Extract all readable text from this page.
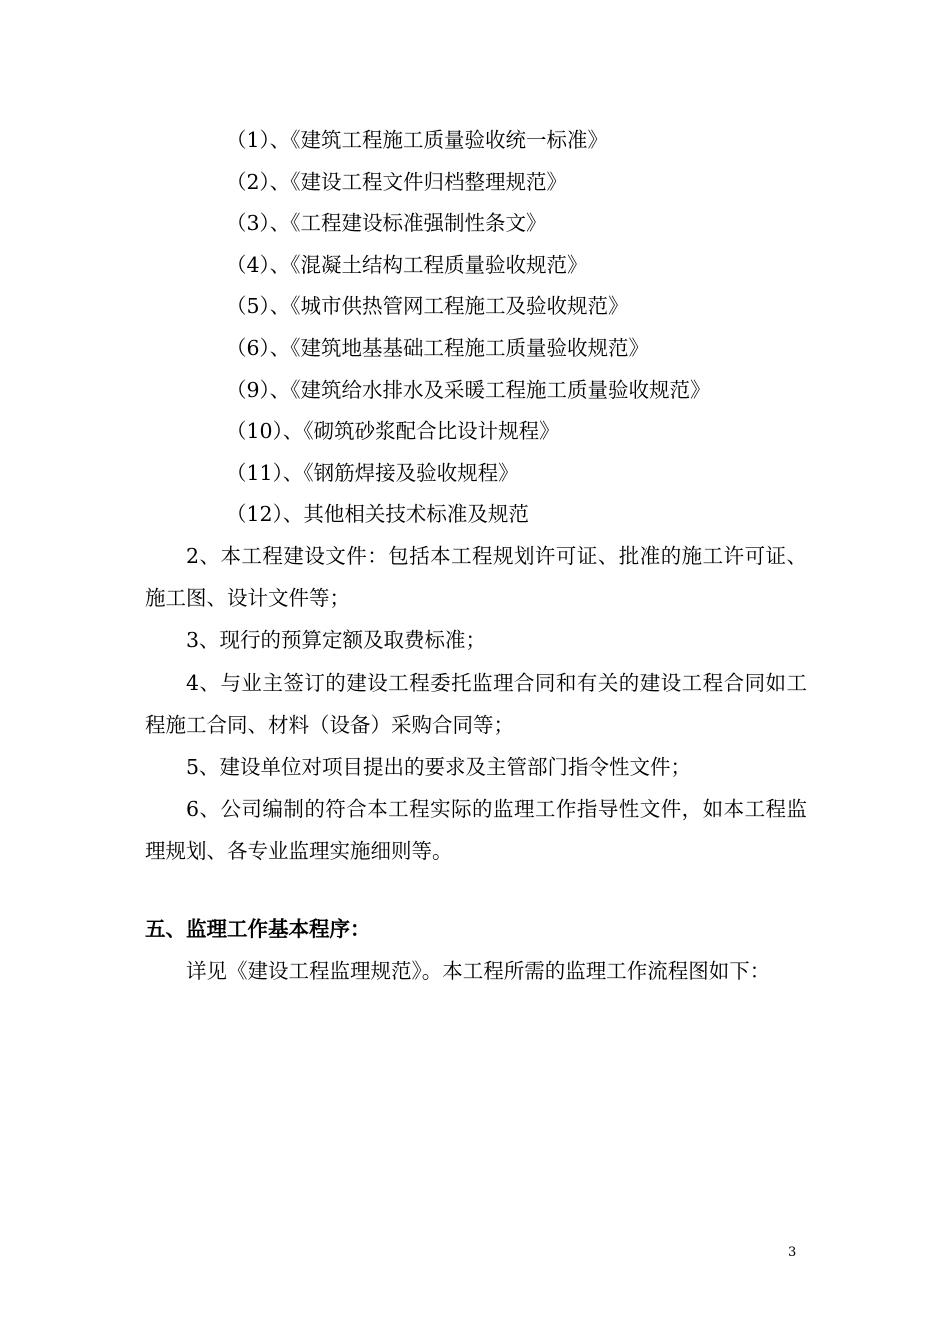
（1）、《建筑工程施工质量验收统一标准》
（2）、《建设工程文件归档整理规范》
（3）、《工程建设标准强制性条文》
（4）、《混凝土结构工程质量验收规范》
（5）、《城市供热管网工程施工及验收规范》
（6）、《建筑地基基础工程施工质量验收规范》
（9）、《建筑给水排水及采暖工程施工质量验收规范》
（10）、《砌筑砂浆配合比设计规程》
（11）、《钢筋焊接及验收规程》
（12）、其他相关技术标准及规范

2、本工程建设文件：包括本工程规划许可证、批准的施工许可证、施工图、设计文件等；

3、现行的预算定额及取费标准；

4、与业主签订的建设工程委托监理合同和有关的建设工程合同如工程施工合同、材料（设备）采购合同等；

5、建设单位对项目提出的要求及主管部门指令性文件；

6、公司编制的符合本工程实际的监理工作指导性文件，如本工程监理规划、各专业监理实施细则等。

五、监理工作基本程序：

详见《建设工程监理规范》。本工程所需的监理工作流程图如下：

3
